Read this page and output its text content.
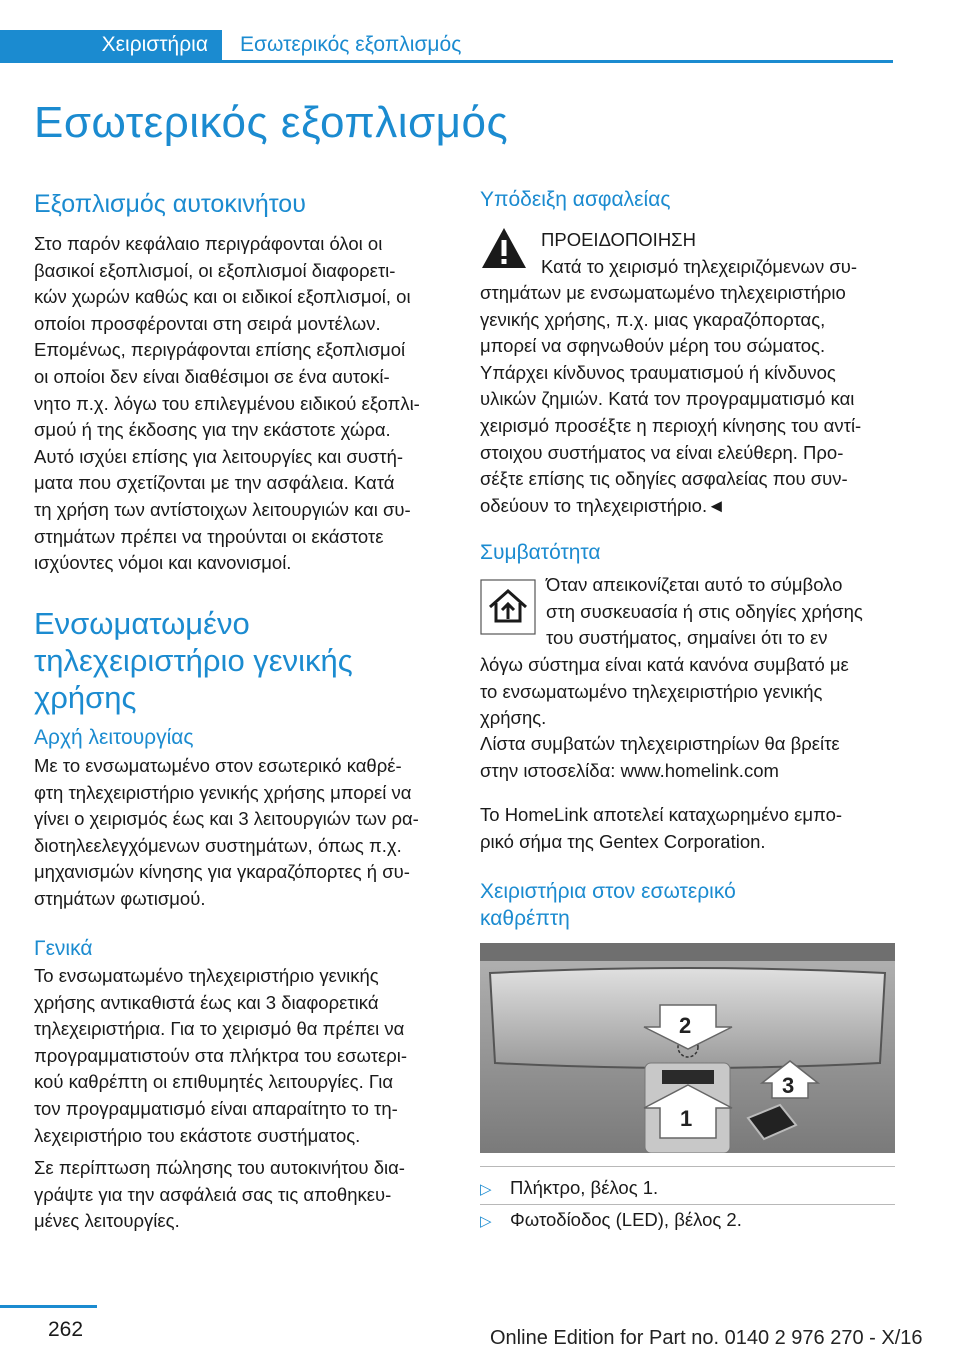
Χειριστήρια	Εσωτερικός εξοπλισμός
Εσωτερικός εξοπλισμός
Εξοπλισμός αυτοκινήτου
Στο παρόν κεφάλαιο περιγράφονται όλοι οι
βασικοί εξοπλισμοί, οι εξοπλισμοί διαφορετι‐
κών χωρών καθώς και οι ειδικοί εξοπλισμοί, οι
οποίοι προσφέρονται στη σειρά μοντέλων.
Επομένως, περιγράφονται επίσης εξοπλισμοί
οι οποίοι δεν είναι διαθέσιμοι σε ένα αυτοκί‐
νητο π.χ. λόγω του επιλεγμένου ειδικού εξοπλι‐
σμού ή της έκδοσης για την εκάστοτε χώρα.
Αυτό ισχύει επίσης για λειτουργίες και συστή‐
ματα που σχετίζονται με την ασφάλεια. Κατά
τη χρήση των αντίστοιχων λειτουργιών και συ‐
στημάτων πρέπει να τηρούνται οι εκάστοτε
ισχύοντες νόμοι και κανονισμοί.
Ενσωματωμένο
τηλεχειριστήριο γενικής
χρήσης
Αρχή λειτουργίας
Με το ενσωματωμένο στον εσωτερικό καθρέ‐
φτη τηλεχειριστήριο γενικής χρήσης μπορεί να
γίνει ο χειρισμός έως και 3 λειτουργιών των ρα‐
διοτηλεελεγχόμενων συστημάτων, όπως π.χ.
μηχανισμών κίνησης για γκαραζόπορτες ή συ‐
στημάτων φωτισμού.
Γενικά
Το ενσωματωμένο τηλεχειριστήριο γενικής
χρήσης αντικαθιστά έως και 3 διαφορετικά
τηλεχειριστήρια. Για το χειρισμό θα πρέπει να
προγραμματιστούν στα πλήκτρα του εσωτερι‐
κού καθρέπτη οι επιθυμητές λειτουργίες. Για
τον προγραμματισμό είναι απαραίτητο το τη‐
λεχειριστήριο του εκάστοτε συστήματος.
Σε περίπτωση πώλησης του αυτοκινήτου δια‐
γράψτε για την ασφάλειά σας τις αποθηκευ‐
μένες λειτουργίες.
Υπόδειξη ασφαλείας
ΠΡΟΕΙΔΟΠΟΙΗΣΗ
Κατά το χειρισμό τηλεχειριζόμενων συ‐
στημάτων με ενσωματωμένο τηλεχειριστήριο
γενικής χρήσης, π.χ. μιας γκαραζόπορτας,
μπορεί να σφηνωθούν μέρη του σώματος.
Υπάρχει κίνδυνος τραυματισμού ή κίνδυνος
υλικών ζημιών. Κατά τον προγραμματισμό και
χειρισμό προσέξτε η περιοχή κίνησης του αντί‐
στοιχου συστήματος να είναι ελεύθερη. Προ‐
σέξτε επίσης τις οδηγίες ασφαλείας που συν‐
οδεύουν το τηλεχειριστήριο.◄
Συμβατότητα
Όταν απεικονίζεται αυτό το σύμβολο
στη συσκευασία ή στις οδηγίες χρήσης
του συστήματος, σημαίνει ότι το εν
λόγω σύστημα είναι κατά κανόνα συμβατό με
το ενσωματωμένο τηλεχειριστήριο γενικής
χρήσης.
Λίστα συμβατών τηλεχειριστηρίων θα βρείτε
στην ιστοσελίδα: www.homelink.com
Το HomeLink αποτελεί καταχωρημένο εμπο‐
ρικό σήμα της Gentex Corporation.
Χειριστήρια στον εσωτερικό
καθρέπτη
2
1
3
▷ Πλήκτρο, βέλος 1.
▷ Φωτοδίοδος (LED), βέλος 2.
262	Online Edition for Part no. 0140 2 976 270 - X/16
